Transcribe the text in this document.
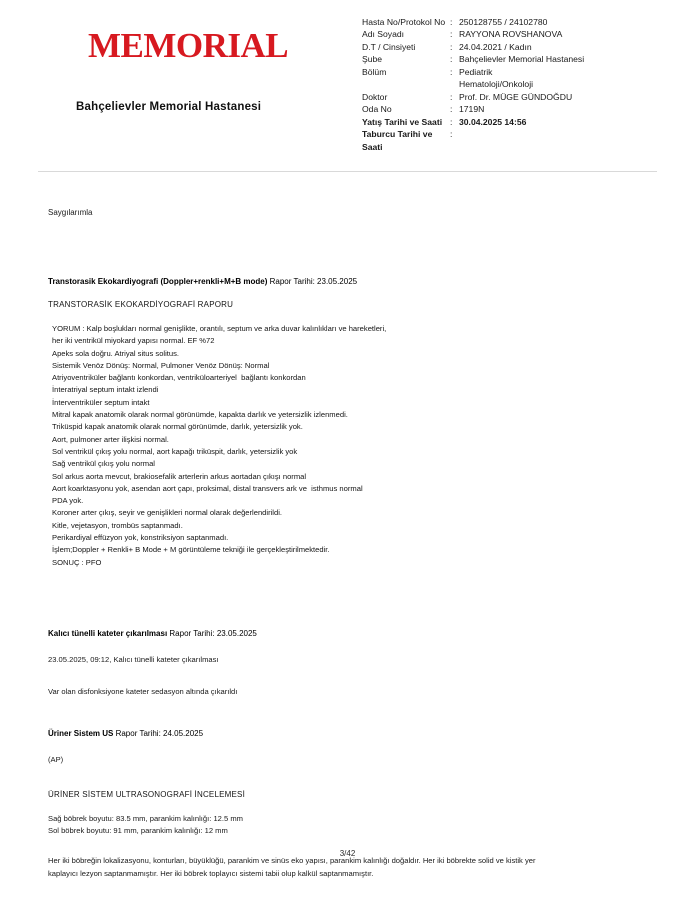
MEMORIAL
Bahçelievler Memorial Hastanesi
Hasta No/Protokol No : 250128755 / 24102780
Adı Soyadı	: RAYYONA ROVSHANOVA
D.T / Cinsiyeti	: 24.04.2021 / Kadın
Şube	: Bahçelievler Memorial Hastanesi
Bölüm	: Pediatrik
Hematoloji/Onkoloji
Doktor	: Prof. Dr. MÜGE GÜNDOĞDU
Oda No	: 1719N
Yatış Tarihi ve Saati : 30.04.2025 14:56
Taburcu Tarihi ve Saati
:
Saygılarımla
Transtorasik Ekokardiyografi (Doppler+renkli+M+B mode) Rapor Tarihi: 23.05.2025
TRANSTORASİK EKOKARDİYOGRAFİ RAPORU
YORUM : Kalp boşlukları normal genişlikte, orantılı, septum ve arka duvar kalınlıkları ve hareketleri,
her iki ventrikül miyokard yapısı normal. EF %72
Apeks sola doğru. Atriyal situs solitus.
Sistemik Venöz Dönüş: Normal, Pulmoner Venöz Dönüş: Normal
Atriyoventriküler bağlantı konkordan, ventrikülоarteriyel  bağlantı konkordan
İnteratriyal septum intakt izlendi
İnterventriküler septum intakt
Mitral kapak anatomik olarak normal görünümde, kapakta darlık ve yetersizlik izlenmedi.
Triküspid kapak anatomik olarak normal görünümde, darlık, yetersizlik yok.
Aort, pulmoner arter ilişkisi normal.
Sol ventrikül çıkış yolu normal, aort kapağı triküspit, darlık, yetersizlik yok
Sağ ventrikül çıkış yolu normal
Sol arkus aorta mevcut, brakiosefalik arterlerin arkus aortadan çıkışı normal
Aort koarktasyonu yok, asendan aort çapı, proksimal, distal transvers ark ve  isthmus normal
PDA yok.
Koroner arter çıkış, seyir ve genişlikleri normal olarak değerlendirildi.
Kitle, vejetasyon, trombüs saptanmadı.
Perikardiyal effüzyon yok, konstriksiyon saptanmadı.
İşlem;Doppler + Renkli+ B Mode + M görüntüleme tekniği ile gerçekleştirilmektedir.
SONUÇ : PFO
Kalıcı tünelli kateter çıkarılması Rapor Tarihi: 23.05.2025
23.05.2025, 09:12, Kalıcı tünelli kateter çıkarılması
Var olan disfonksiyone kateter sedasyon altında çıkarıldı
Üriner Sistem US Rapor Tarihi: 24.05.2025
(AP)
ÜRİNER SİSTEM ULTRASONOGRAFİ İNCELEMESİ
Sağ böbrek boyutu: 83.5 mm, parankim kalınlığı: 12.5 mm
Sol böbrek boyutu: 91 mm, parankim kalınlığı: 12 mm
Her iki böbreğin lokalizasyonu, konturları, büyüklüğü, parankim ve sinüs eko yapısı, parankim kalınlığı doğaldır. Her iki böbrekte solid ve kistik yer
kaplayıcı lezyon saptanmamıştır. Her iki böbrek toplayıcı sistemi tabii olup kalkül saptanmamıştır.
3/42
